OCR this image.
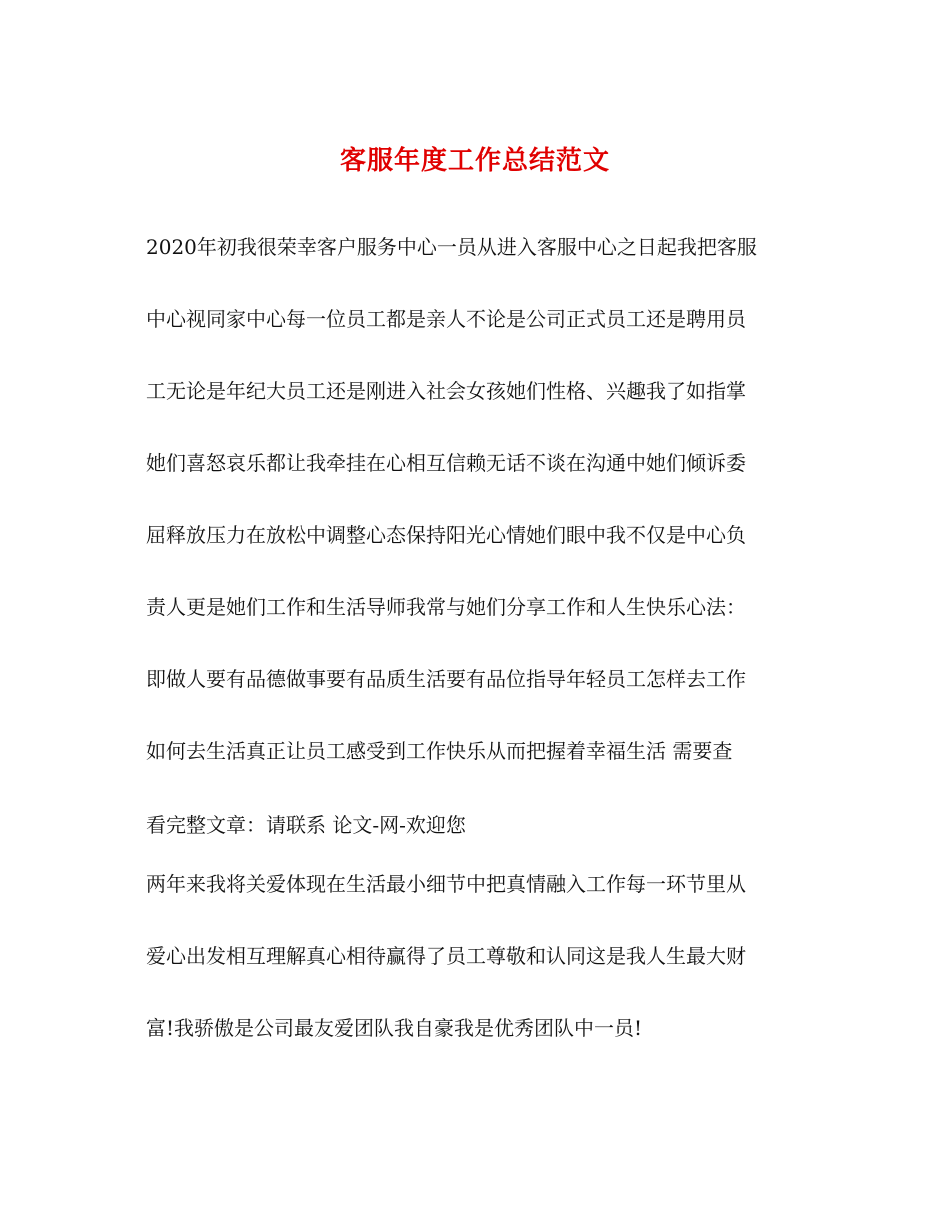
客服年度工作总结范文
2020年初我很荣幸客户服务中心一员从进入客服中心之日起我把客服
中心视同家中心每一位员工都是亲人不论是公司正式员工还是聘用员
工无论是年纪大员工还是刚进入社会女孩她们性格、兴趣我了如指掌
她们喜怒哀乐都让我牵挂在心相互信赖无话不谈在沟通中她们倾诉委
屈释放压力在放松中调整心态保持阳光心情她们眼中我不仅是中心负
责人更是她们工作和生活导师我常与她们分享工作和人生快乐心法：
即做人要有品德做事要有品质生活要有品位指导年轻员工怎样去工作
如何去生活真正让员工感受到工作快乐从而把握着幸福生活 需要查
看完整文章：请联系 论文-网-欢迎您
两年来我将关爱体现在生活最小细节中把真情融入工作每一环节里从
爱心出发相互理解真心相待赢得了员工尊敬和认同这是我人生最大财
富!我骄傲是公司最友爱团队我自豪我是优秀团队中一员!
